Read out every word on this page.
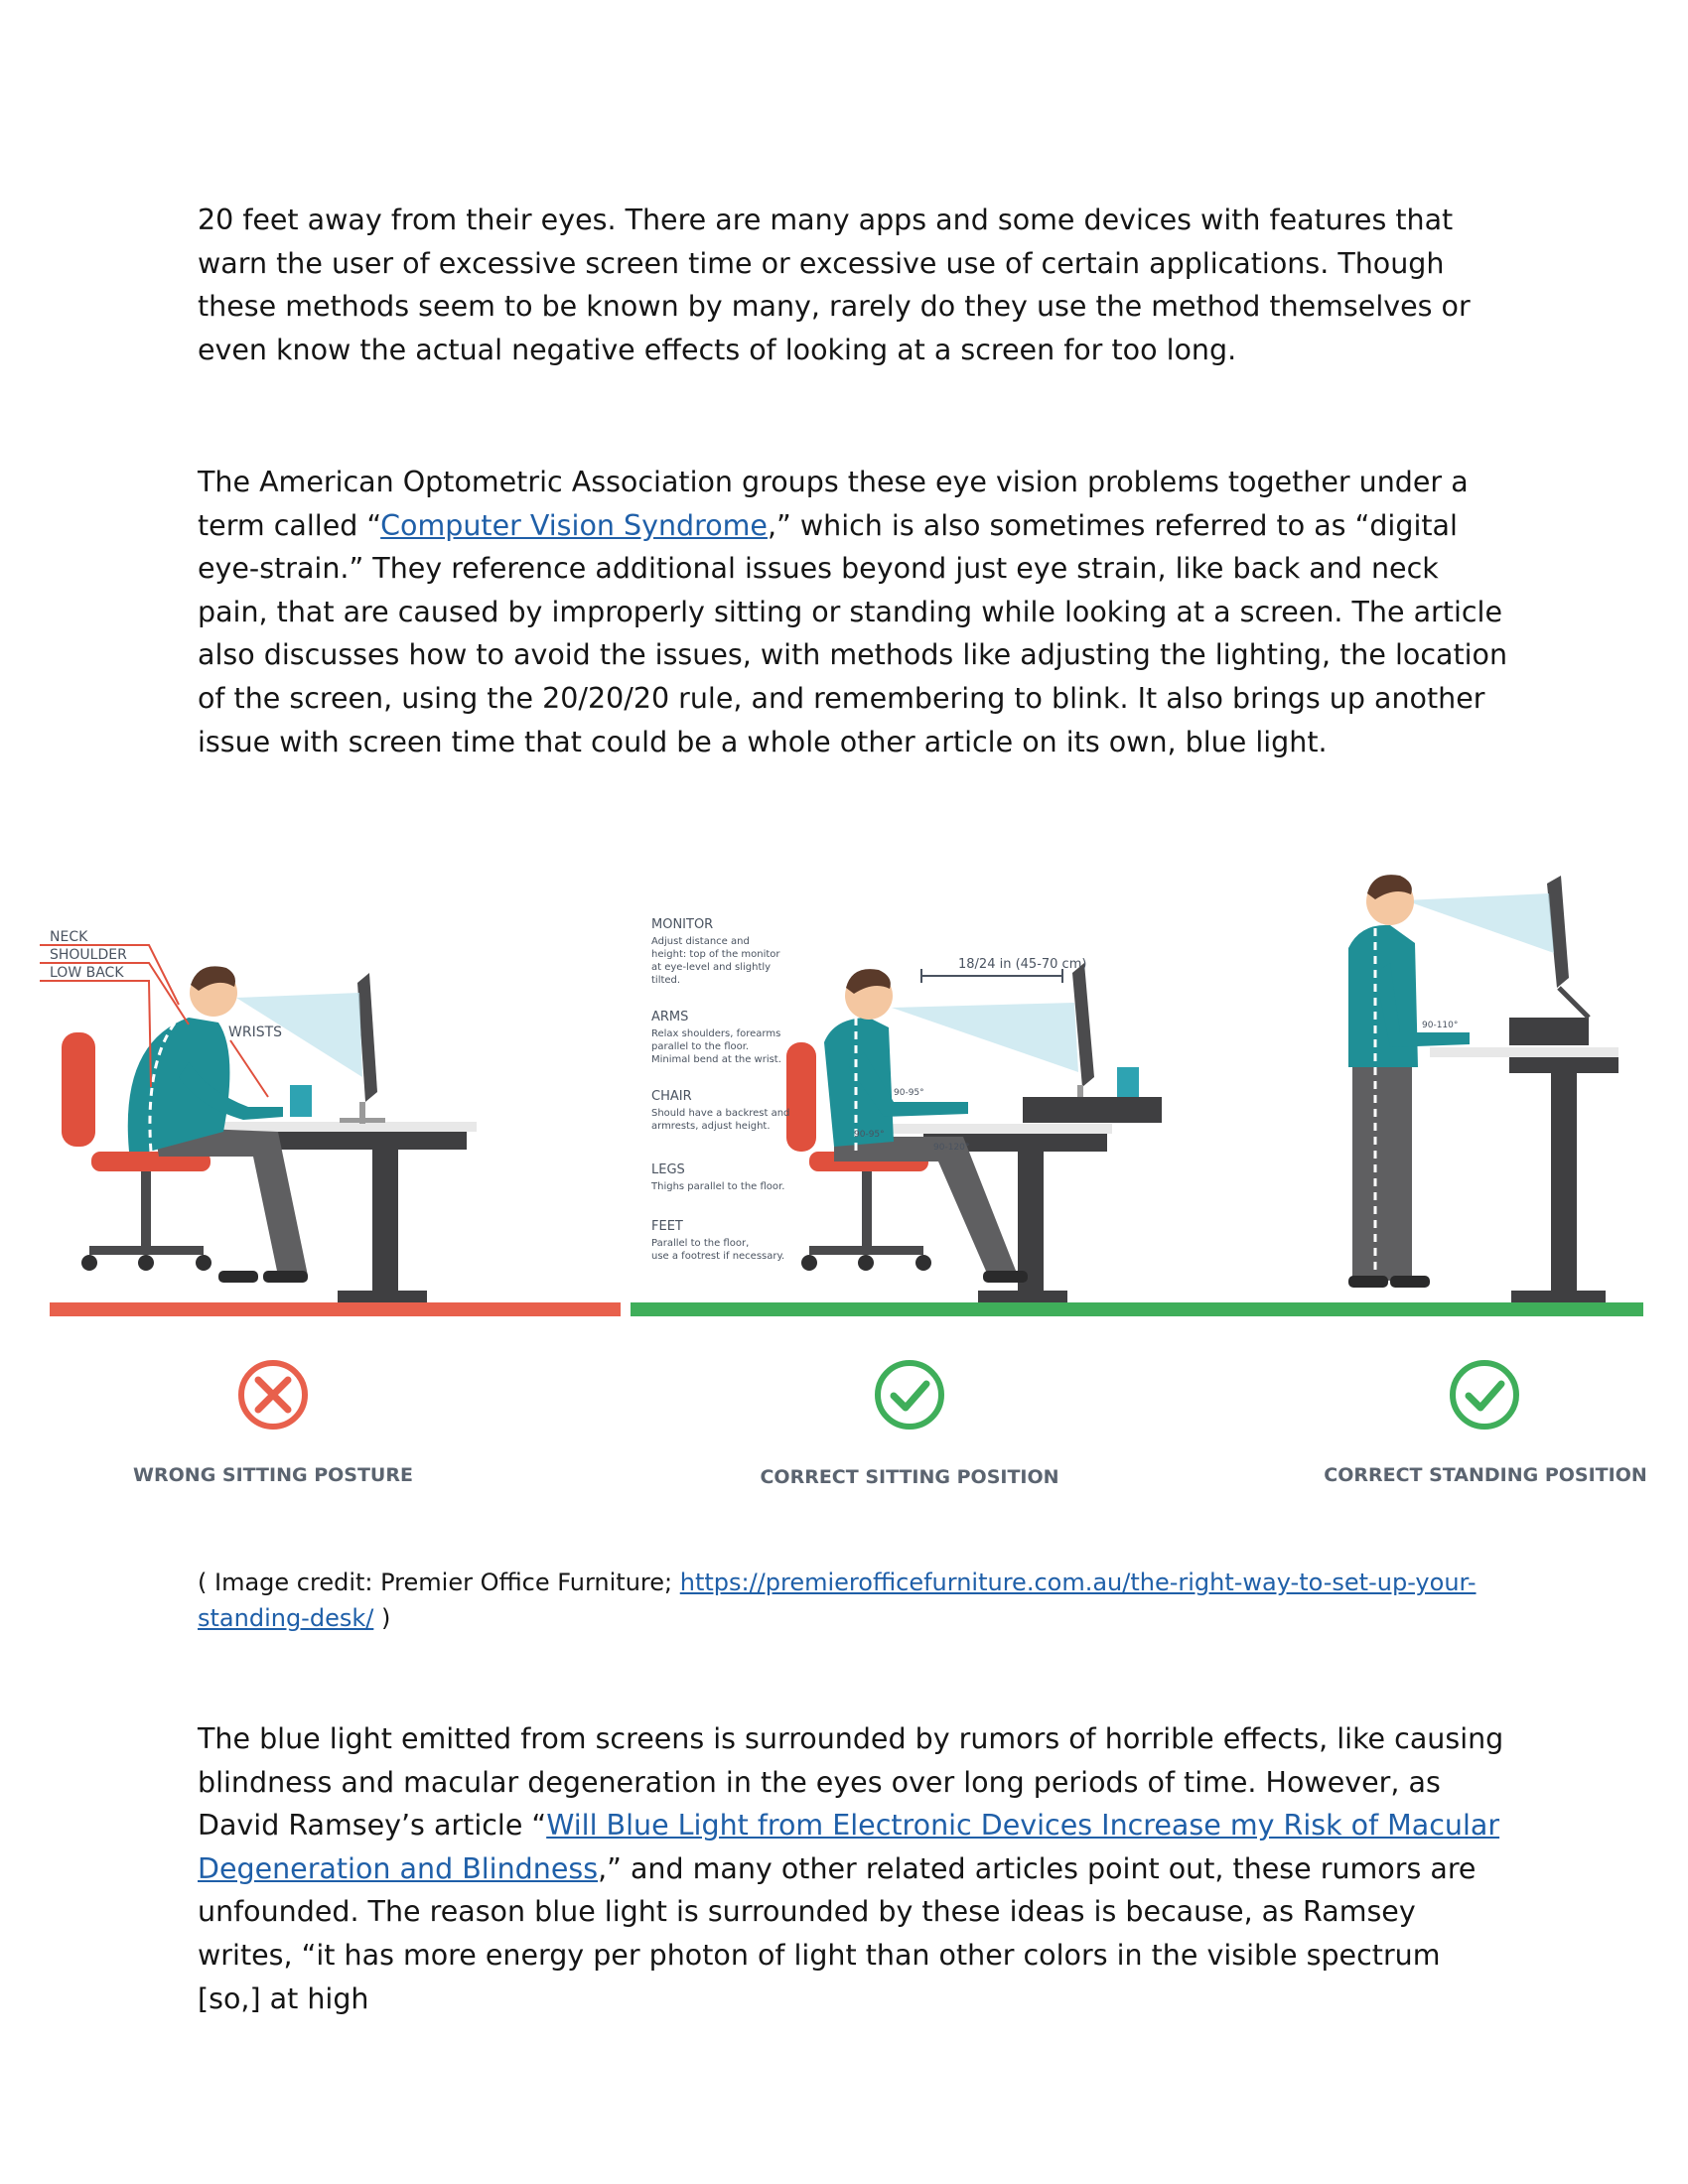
20 feet away from their eyes. There are many apps and some devices with features that warn the user of excessive screen time or excessive use of certain applications. Though these methods seem to be known by many, rarely do they use the method themselves or even know the actual negative effects of looking at a screen for too long.

The American Optometric Association groups these eye vision problems together under a term called “Computer Vision Syndrome,” which is also sometimes referred to as “digital eye-strain.” They reference additional issues beyond just eye strain, like back and neck pain, that are caused by improperly sitting or standing while looking at a screen. The article also discusses how to avoid the issues, with methods like adjusting the lighting, the location of the screen, using the 20/20/20 rule, and remembering to blink. It also brings up another issue with screen time that could be a whole other article on its own, blue light.

NECK
SHOULDER
LOW BACK
WRISTS
18/24 in (45-70 cm)
90-95°
90-95°
90-120°
MONITOR
Adjust distance and
height: top of the monitor
at eye-level and slightly
tilted.
ARMS
Relax shoulders, forearms
parallel to the floor.
Minimal bend at the wrist.
CHAIR
Should have a backrest and
armrests, adjust height.
LEGS
Thighs parallel to the floor.
FEET
Parallel to the floor,
use a footrest if necessary.
90-110°
WRONG SITTING POSTURE	CORRECT SITTING POSITION	CORRECT STANDING POSITION
( Image credit: Premier Office Furniture; https://premierofficefurniture.com.au/the-right-way-to-set-up-your-standing-desk/ )

The blue light emitted from screens is surrounded by rumors of horrible effects, like causing blindness and macular degeneration in the eyes over long periods of time. However, as David Ramsey’s article “Will Blue Light from Electronic Devices Increase my Risk of Macular Degeneration and Blindness,” and many other related articles point out, these rumors are unfounded. The reason blue light is surrounded by these ideas is because, as Ramsey writes, “it has more energy per photon of light than other colors in the visible spectrum [so,] at high
